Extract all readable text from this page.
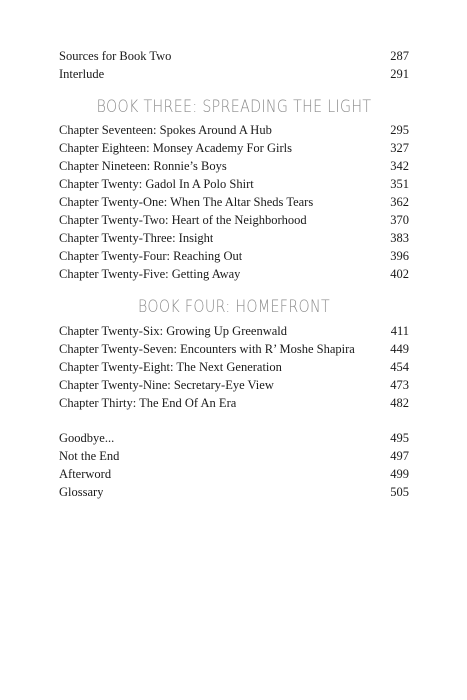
Sources for Book Two	287
Interlude	291
BOOK THREE: SPREADING THE LIGHT
Chapter Seventeen: Spokes Around A Hub	295
Chapter Eighteen: Monsey Academy For Girls	327
Chapter Nineteen: Ronnie’s Boys	342
Chapter Twenty: Gadol In A Polo Shirt	351
Chapter Twenty-One: When The Altar Sheds Tears	362
Chapter Twenty-Two: Heart of the Neighborhood	370
Chapter Twenty-Three: Insight	383
Chapter Twenty-Four: Reaching Out	396
Chapter Twenty-Five: Getting Away	402
BOOK FOUR: HOMEFRONT
Chapter Twenty-Six: Growing Up Greenwald	411
Chapter Twenty-Seven: Encounters with R’ Moshe Shapira	449
Chapter Twenty-Eight: The Next Generation	454
Chapter Twenty-Nine: Secretary-Eye View	473
Chapter Thirty: The End Of An Era	482
Goodbye...	495
Not the End	497
Afterword	499
Glossary	505
